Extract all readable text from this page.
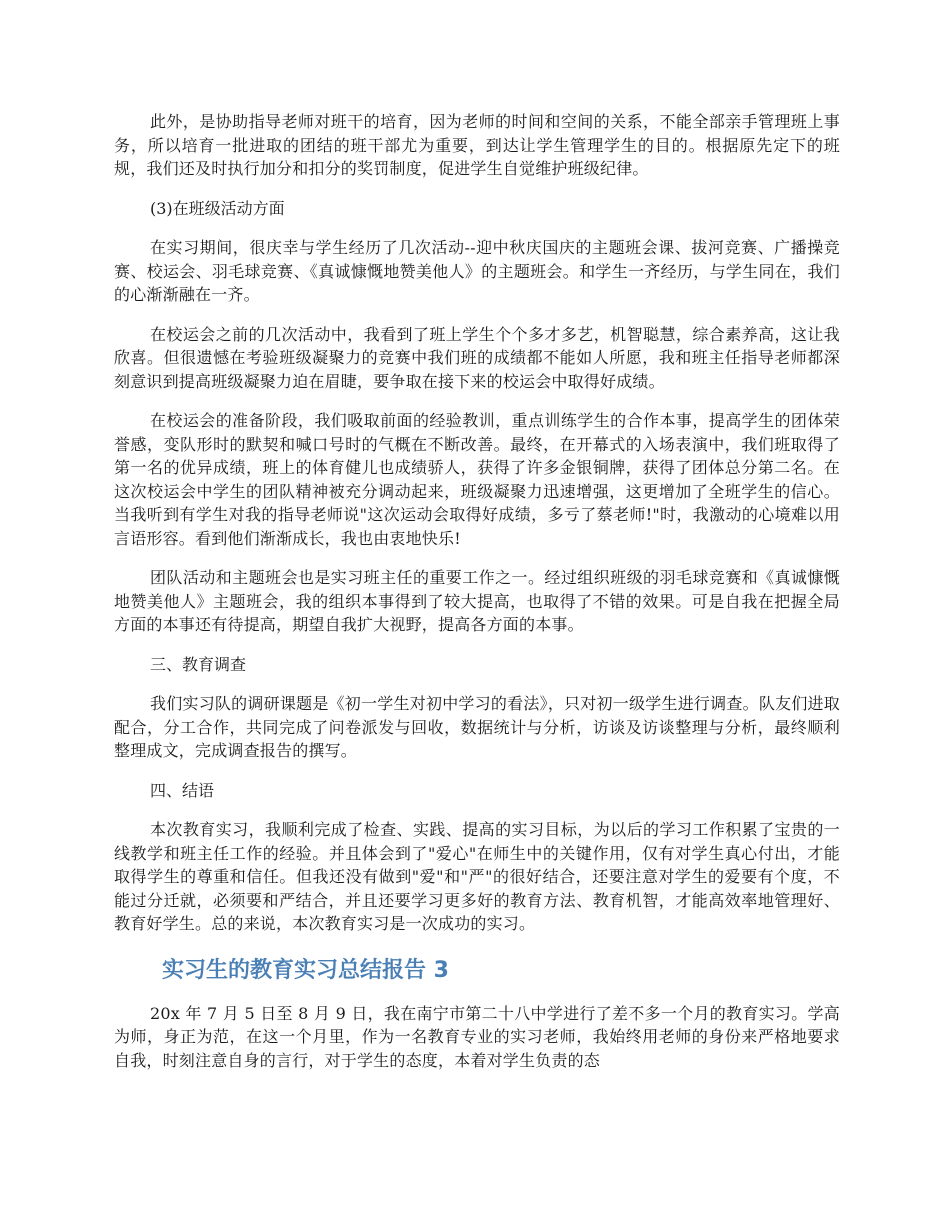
此外，是协助指导老师对班干的培育，因为老师的时间和空间的关系，不能全部亲手管理班上事务，所以培育一批进取的团结的班干部尤为重要，到达让学生管理学生的目的。根据原先定下的班规，我们还及时执行加分和扣分的奖罚制度，促进学生自觉维护班级纪律。

(3)在班级活动方面

在实习期间，很庆幸与学生经历了几次活动--迎中秋庆国庆的主题班会课、拔河竞赛、广播操竞赛、校运会、羽毛球竞赛、《真诚慷慨地赞美他人》的主题班会。和学生一齐经历，与学生同在，我们的心渐渐融在一齐。

在校运会之前的几次活动中，我看到了班上学生个个多才多艺，机智聪慧，综合素养高，这让我欣喜。但很遗憾在考验班级凝聚力的竞赛中我们班的成绩都不能如人所愿，我和班主任指导老师都深刻意识到提高班级凝聚力迫在眉睫，要争取在接下来的校运会中取得好成绩。

在校运会的准备阶段，我们吸取前面的经验教训，重点训练学生的合作本事，提高学生的团体荣誉感，变队形时的默契和喊口号时的气概在不断改善。最终，在开幕式的入场表演中，我们班取得了第一名的优异成绩，班上的体育健儿也成绩骄人，获得了许多金银铜牌，获得了团体总分第二名。在这次校运会中学生的团队精神被充分调动起来，班级凝聚力迅速增强，这更增加了全班学生的信心。当我听到有学生对我的指导老师说"这次运动会取得好成绩，多亏了蔡老师!"时，我激动的心境难以用言语形容。看到他们渐渐成长，我也由衷地快乐!

团队活动和主题班会也是实习班主任的重要工作之一。经过组织班级的羽毛球竞赛和《真诚慷慨地赞美他人》主题班会，我的组织本事得到了较大提高，也取得了不错的效果。可是自我在把握全局方面的本事还有待提高，期望自我扩大视野，提高各方面的本事。

三、教育调查

我们实习队的调研课题是《初一学生对初中学习的看法》，只对初一级学生进行调查。队友们进取配合，分工合作，共同完成了问卷派发与回收，数据统计与分析，访谈及访谈整理与分析，最终顺利整理成文，完成调查报告的撰写。

四、结语

本次教育实习，我顺利完成了检查、实践、提高的实习目标，为以后的学习工作积累了宝贵的一线教学和班主任工作的经验。并且体会到了"爱心"在师生中的关键作用，仅有对学生真心付出，才能取得学生的尊重和信任。但我还没有做到"爱"和"严"的很好结合，还要注意对学生的爱要有个度，不能过分迁就，必须要和严结合，并且还要学习更多好的教育方法、教育机智，才能高效率地管理好、教育好学生。总的来说，本次教育实习是一次成功的实习。

实习生的教育实习总结报告 3

20x 年 7 月 5 日至 8 月 9 日，我在南宁市第二十八中学进行了差不多一个月的教育实习。学高为师，身正为范，在这一个月里，作为一名教育专业的实习老师，我始终用老师的身份来严格地要求自我，时刻注意自身的言行，对于学生的态度，本着对学生负责的态
